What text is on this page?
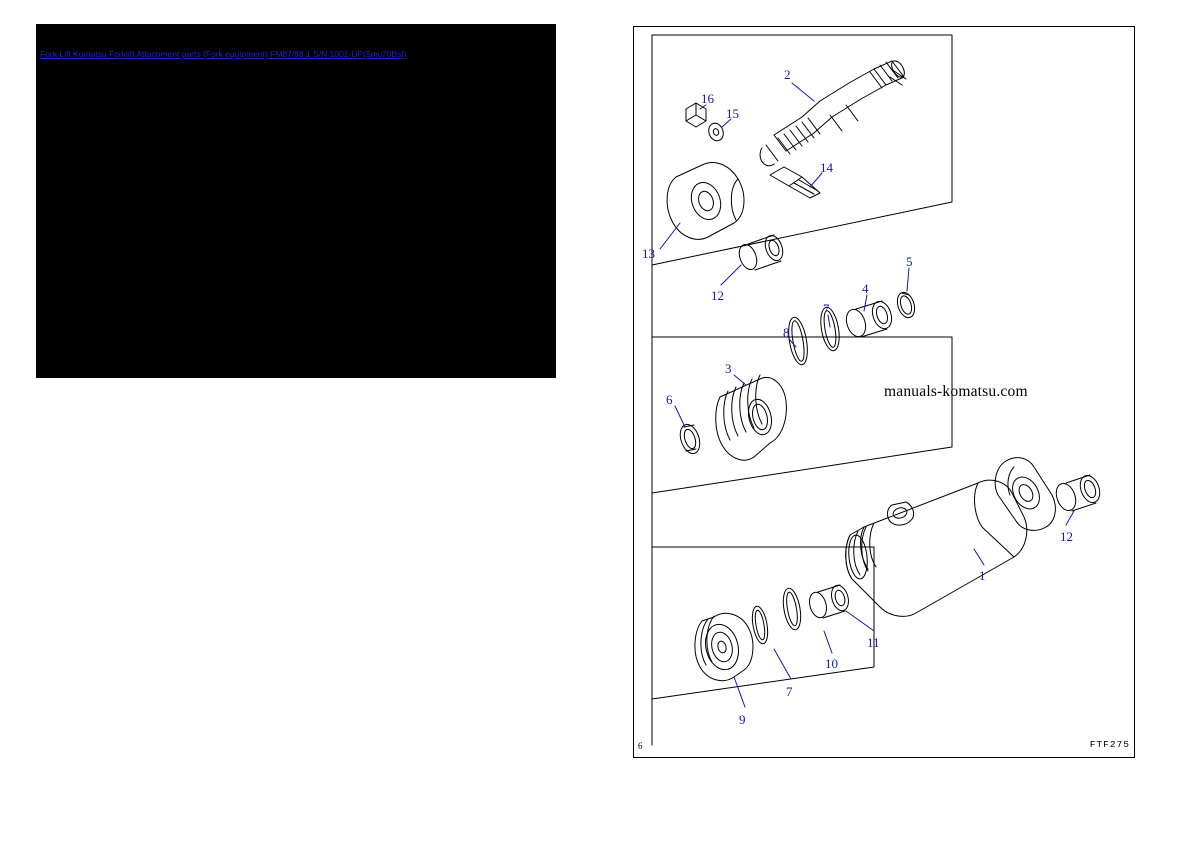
Fork Lift Komatsu Forklift Attachment parts (Fork equipment) FM87/88 1 S/N 1001-UP(5mc70Bsf)
2
16
15
14
13
12	4
5
7
8
3
6
12
1
11
10
7
9
manuals-komatsu.com
6	FTF275
